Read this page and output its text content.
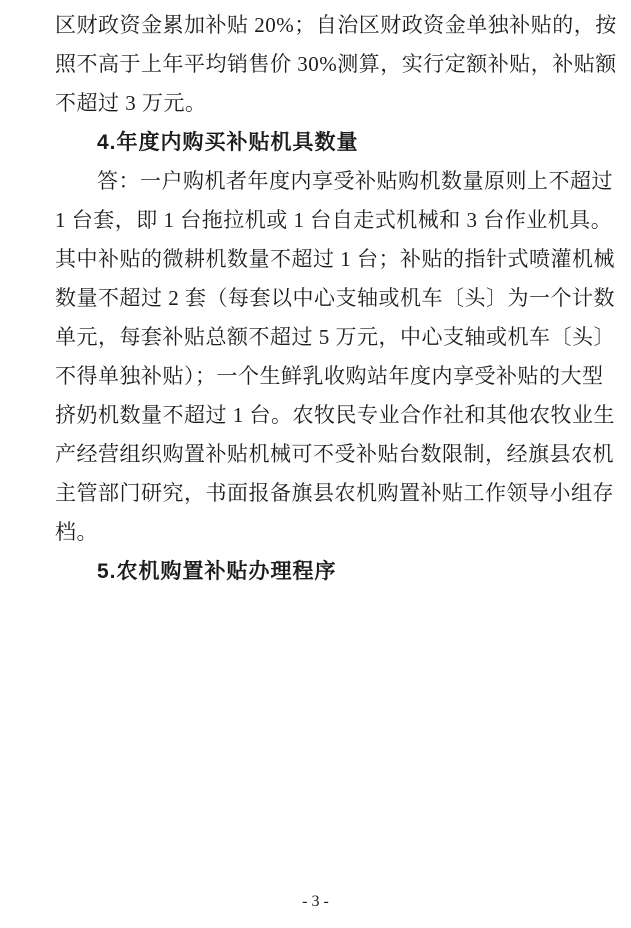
区财政资金累加补贴 20%；自治区财政资金单独补贴的，按
照不高于上年平均销售价 30%测算，实行定额补贴，补贴额
不超过 3 万元。
4.年度内购买补贴机具数量
答：一户购机者年度内享受补贴购机数量原则上不超过
1 台套，即 1 台拖拉机或 1 台自走式机械和 3 台作业机具。
其中补贴的微耕机数量不超过 1 台；补贴的指针式喷灌机械
数量不超过 2 套（每套以中心支轴或机车〔头〕为一个计数
单元，每套补贴总额不超过 5 万元，中心支轴或机车〔头〕
不得单独补贴）；一个生鲜乳收购站年度内享受补贴的大型
挤奶机数量不超过 1 台。农牧民专业合作社和其他农牧业生
产经营组织购置补贴机械可不受补贴台数限制，经旗县农机
主管部门研究，书面报备旗县农机购置补贴工作领导小组存
档。
5.农机购置补贴办理程序
- 3 -
